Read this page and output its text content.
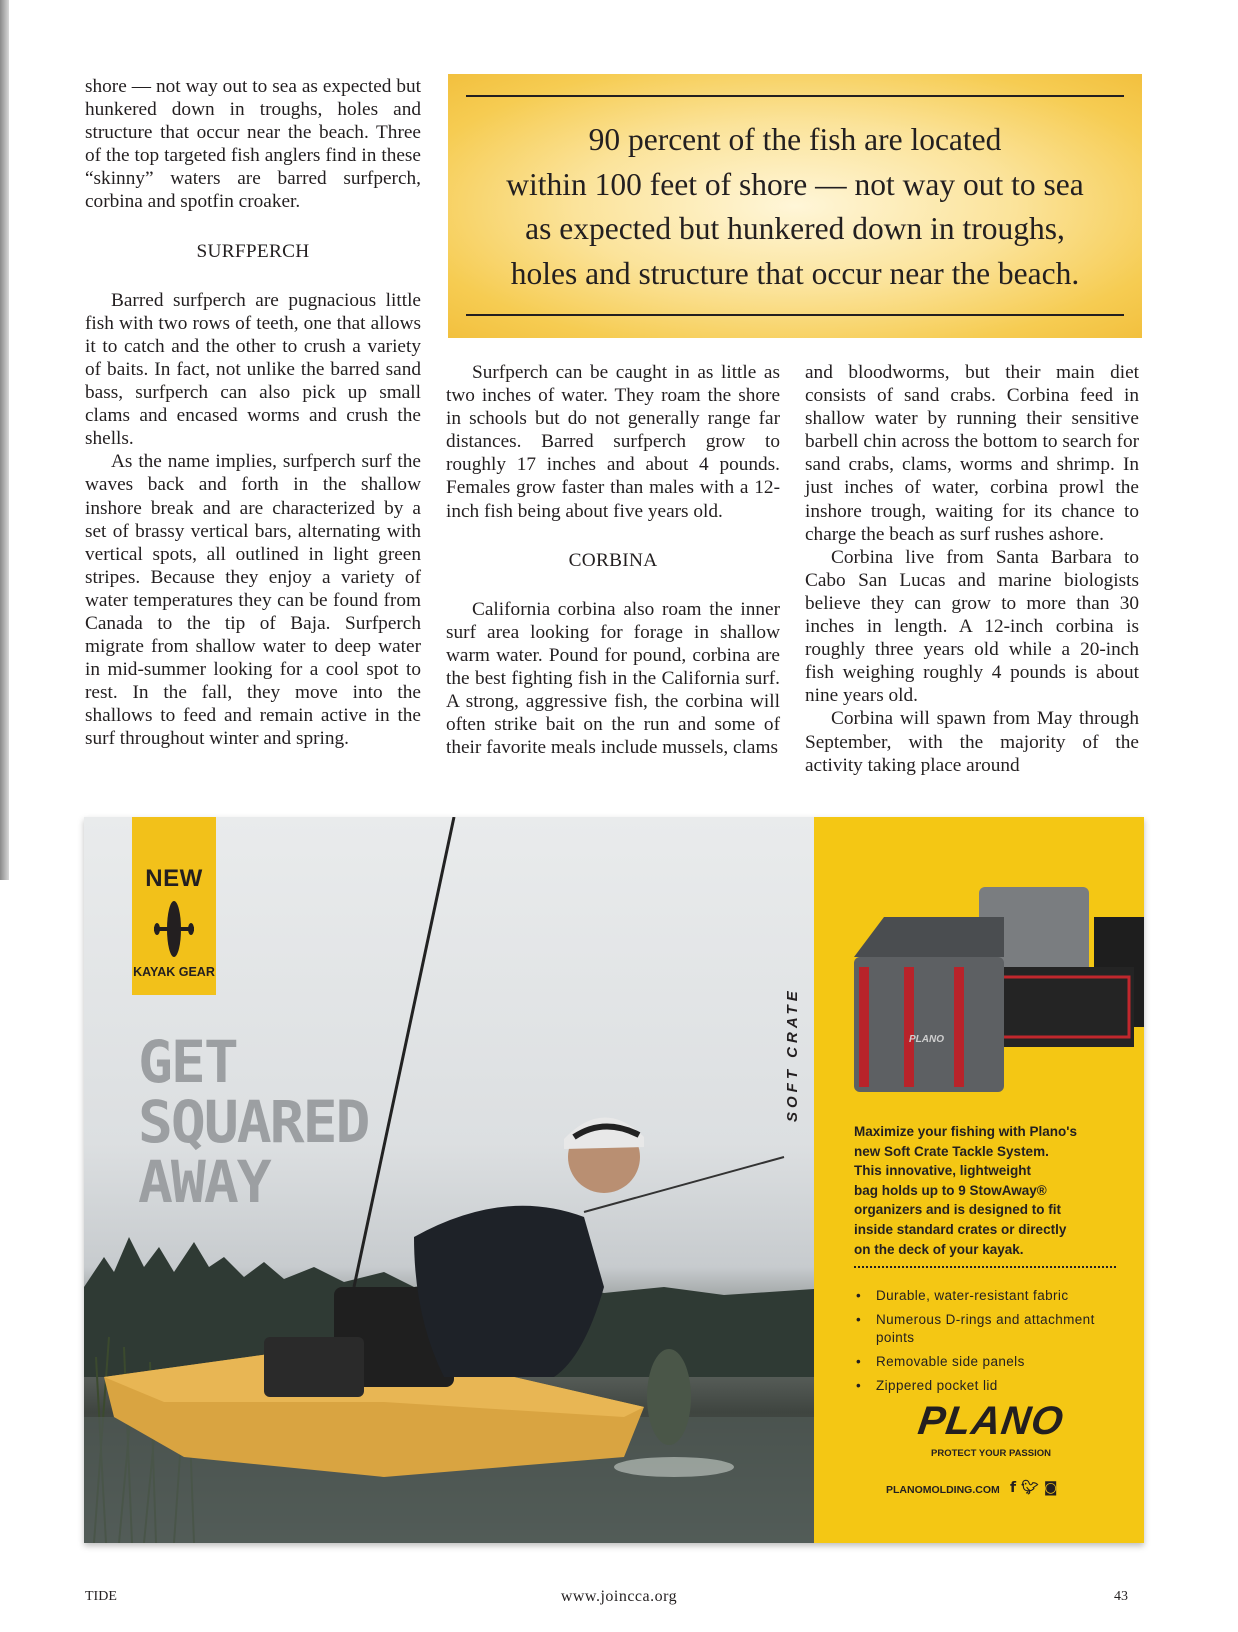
shore — not way out to sea as expected but hunkered down in troughs, holes and structure that occur near the beach. Three of the top targeted fish anglers find in these “skinny” waters are barred surfperch, corbina and spotfin croaker.

SURFPERCH

Barred surfperch are pugnacious little fish with two rows of teeth, one that allows it to catch and the other to crush a variety of baits. In fact, not unlike the barred sand bass, surfperch can also pick up small clams and encased worms and crush the shells.

As the name implies, surfperch surf the waves back and forth in the shallow inshore break and are characterized by a set of brassy vertical bars, alternating with vertical spots, all outlined in light green stripes. Because they enjoy a variety of water temperatures they can be found from Canada to the tip of Baja. Surfperch migrate from shallow water to deep water in mid-summer looking for a cool spot to rest. In the fall, they move into the shallows to feed and remain active in the surf throughout winter and spring.

90 percent of the fish are located
within 100 feet of shore — not way out to sea
as expected but hunkered down in troughs,
holes and structure that occur near the beach.

Surfperch can be caught in as little as two inches of water. They roam the shore in schools but do not generally range far distances. Barred surfperch grow to roughly 17 inches and about 4 pounds. Females grow faster than males with a 12-inch fish being about five years old.

CORBINA

California corbina also roam the inner surf area looking for forage in shallow warm water. Pound for pound, corbina are the best fighting fish in the California surf. A strong, aggressive fish, the corbina will often strike bait on the run and some of their favorite meals include mussels, clams

and bloodworms, but their main diet consists of sand crabs. Corbina feed in shallow water by running their sensitive barbell chin across the bottom to search for sand crabs, clams, worms and shrimp. In just inches of water, corbina prowl the inshore trough, waiting for its chance to charge the beach as surf rushes ashore.

Corbina live from Santa Barbara to Cabo San Lucas and marine biologists believe they can grow to more than 30 inches in length. A 12-inch corbina is roughly three years old while a 20-inch fish weighing roughly 4 pounds is about nine years old.

Corbina will spawn from May through September, with the majority of the activity taking place around

NEW
KAYAK GEAR
GET
SQUARED
AWAY
PLANO
SOFT CRATE
Maximize your fishing with Plano's
new Soft Crate Tackle System.
This innovative, lightweight
bag holds up to 9 StowAway®
organizers and is designed to fit
inside standard crates or directly
on the deck of your kayak.
• Durable, water-resistant fabric
• Numerous D-rings and attachment points
• Removable side panels
• Zippered pocket lid
PLANO
PROTECT YOUR PASSION
PLANOMOLDING.COM f🐦︎◙
TIDE	www.joincca.org	43
